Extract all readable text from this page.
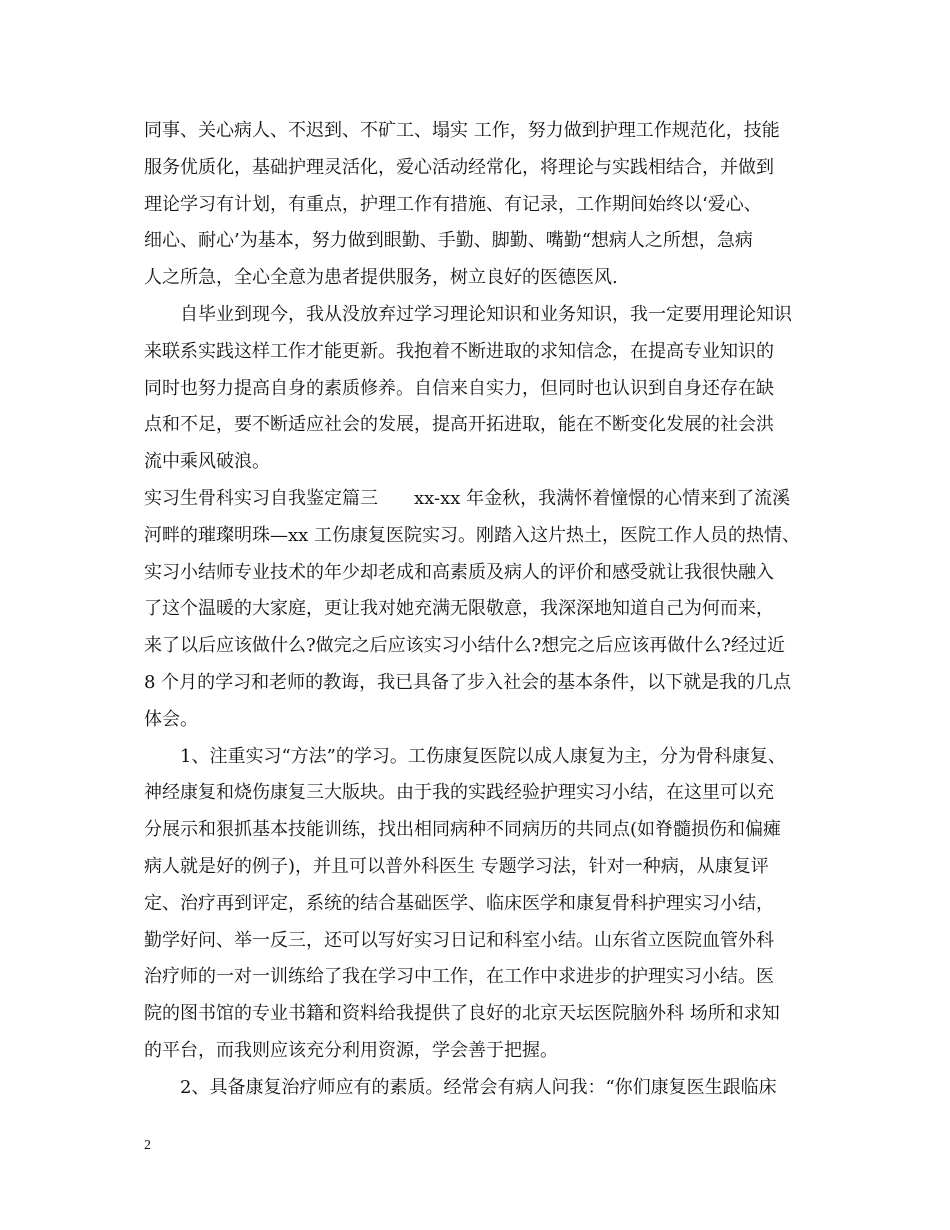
同事、关心病人、不迟到、不矿工、塌实 工作，努力做到护理工作规范化，技能
服务优质化，基础护理灵活化，爱心活动经常化，将理论与实践相结合，并做到
理论学习有计划，有重点，护理工作有措施、有记录，工作期间始终以‘爱心、
细心、耐心’为基本，努力做到眼勤、手勤、脚勤、嘴勤“想病人之所想，急病
人之所急，全心全意为患者提供服务，树立良好的医德医风.
自毕业到现今，我从没放弃过学习理论知识和业务知识，我一定要用理论知识
来联系实践这样工作才能更新。我抱着不断进取的求知信念，在提高专业知识的
同时也努力提高自身的素质修养。自信来自实力，但同时也认识到自身还存在缺
点和不足，要不断适应社会的发展，提高开拓进取，能在不断变化发展的社会洪
流中乘风破浪。
实习生骨科实习自我鉴定篇三　　xx-xx 年金秋，我满怀着憧憬的心情来到了流溪
河畔的璀璨明珠—xx 工伤康复医院实习。刚踏入这片热土，医院工作人员的热情、
实习小结师专业技术的年少却老成和高素质及病人的评价和感受就让我很快融入
了这个温暖的大家庭，更让我对她充满无限敬意，我深深地知道自己为何而来，
来了以后应该做什么?做完之后应该实习小结什么?想完之后应该再做什么?经过近
8 个月的学习和老师的教诲，我已具备了步入社会的基本条件，以下就是我的几点
体会。
1、注重实习“方法”的学习。工伤康复医院以成人康复为主，分为骨科康复、
神经康复和烧伤康复三大版块。由于我的实践经验护理实习小结，在这里可以充
分展示和狠抓基本技能训练，找出相同病种不同病历的共同点(如脊髓损伤和偏瘫
病人就是好的例子)，并且可以普外科医生 专题学习法，针对一种病，从康复评
定、治疗再到评定，系统的结合基础医学、临床医学和康复骨科护理实习小结，
勤学好问、举一反三，还可以写好实习日记和科室小结。山东省立医院血管外科
治疗师的一对一训练给了我在学习中工作，在工作中求进步的护理实习小结。医
院的图书馆的专业书籍和资料给我提供了良好的北京天坛医院脑外科 场所和求知
的平台，而我则应该充分利用资源，学会善于把握。
2、具备康复治疗师应有的素质。经常会有病人问我：“你们康复医生跟临床
2
